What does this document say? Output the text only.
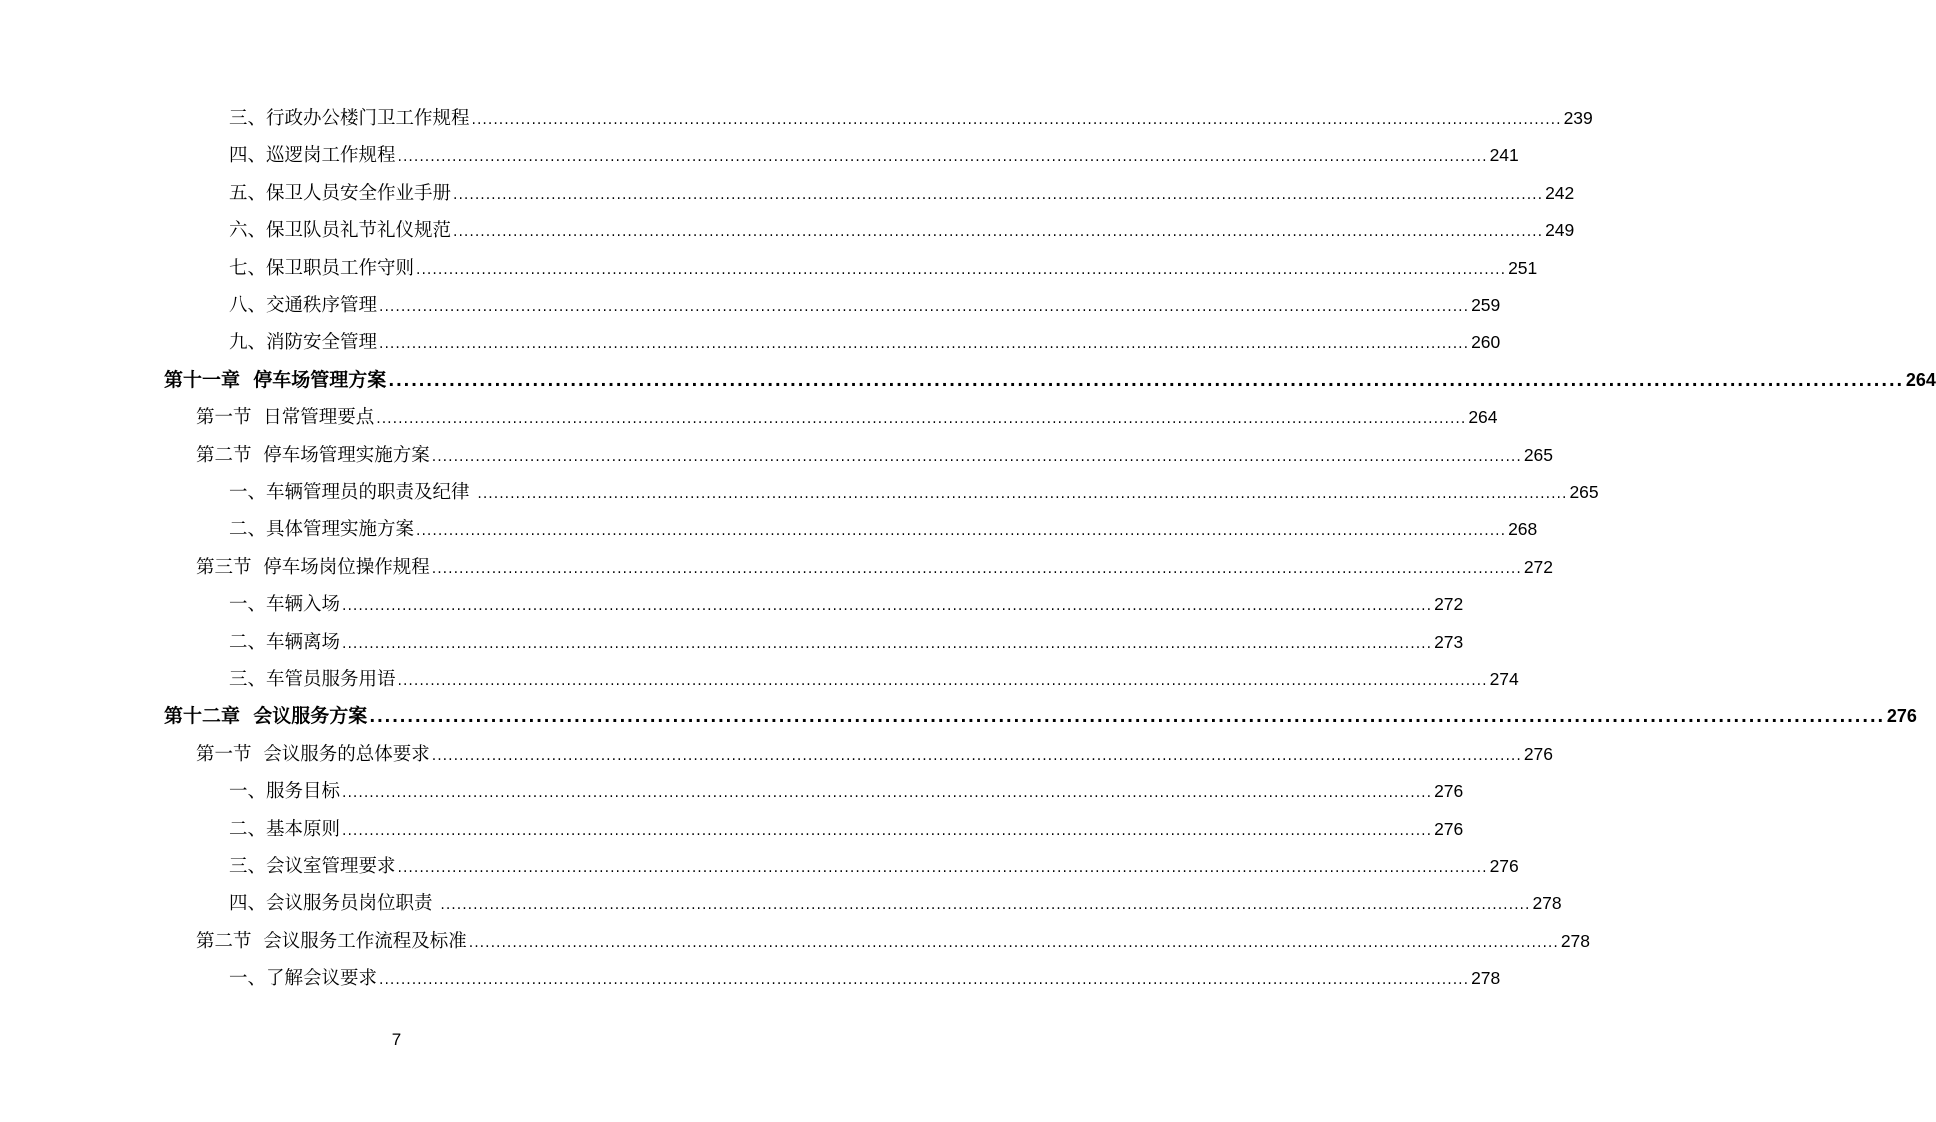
三、行政办公楼门卫工作规程 ........................................................................................................................................................................................................ 239
四、巡逻岗工作规程 ........................................................................................................................................................................................................ 241
五、保卫人员安全作业手册 ........................................................................................................................................................................................................ 242
六、保卫队员礼节礼仪规范 ........................................................................................................................................................................................................ 249
七、保卫职员工作守则 ........................................................................................................................................................................................................ 251
八、交通秩序管理 ........................................................................................................................................................................................................ 259
九、消防安全管理 ........................................................................................................................................................................................................ 260
第十一章  停车场管理方案 ........................................................................................................................................................................................................ 264
第一节  日常管理要点 ........................................................................................................................................................................................................ 264
第二节  停车场管理实施方案 ........................................................................................................................................................................................................ 265
一、车辆管理员的职责及纪律 ........................................................................................................................................................................................................ 265
二、具体管理实施方案 ........................................................................................................................................................................................................ 268
第三节  停车场岗位操作规程 ........................................................................................................................................................................................................ 272
一、车辆入场 ........................................................................................................................................................................................................ 272
二、车辆离场 ........................................................................................................................................................................................................ 273
三、车管员服务用语 ........................................................................................................................................................................................................ 274
第十二章  会议服务方案 ........................................................................................................................................................................................................ 276
第一节  会议服务的总体要求 ........................................................................................................................................................................................................ 276
一、服务目标 ........................................................................................................................................................................................................ 276
二、基本原则 ........................................................................................................................................................................................................ 276
三、会议室管理要求 ........................................................................................................................................................................................................ 276
四、会议服务员岗位职责 ........................................................................................................................................................................................................ 278
第二节  会议服务工作流程及标准 ........................................................................................................................................................................................................ 278
一、了解会议要求 ........................................................................................................................................................................................................ 278
7
